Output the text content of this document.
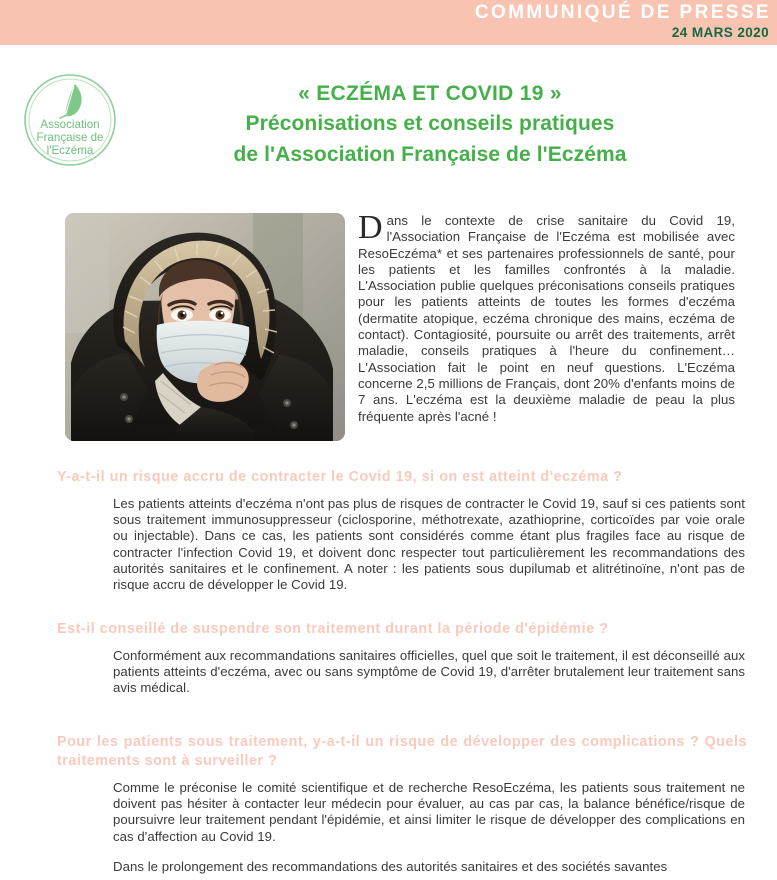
COMMUNIQUÉ DE PRESSE
24 MARS 2020
Association
Française de
l'Eczéma
« ECZÉMA ET COVID 19 »
Préconisations et conseils pratiques
de l'Association Française de l'Eczéma
Dans le contexte de crise sanitaire du Covid 19, l'Association Française de l'Eczéma est mobilisée avec ResoEczéma* et ses partenaires professionnels de santé, pour les patients et les familles confrontés à la maladie. L'Association publie quelques préconisations conseils pratiques pour les patients atteints de toutes les formes d'eczéma (dermatite atopique, eczéma chronique des mains, eczéma de contact). Contagiosité, poursuite ou arrêt des traitements, arrêt maladie, conseils pratiques à l'heure du confinement… L'Association fait le point en neuf questions. L'Eczéma concerne 2,5 millions de Français, dont 20% d'enfants moins de 7 ans. L'eczéma est la deuxième maladie de peau la plus fréquente après l'acné !
Y-a-t-il un risque accru de contracter le Covid 19, si on est atteint d'eczéma ?
Les patients atteints d'eczéma n'ont pas plus de risques de contracter le Covid 19, sauf si ces patients sont sous traitement immunosuppresseur (ciclosporine, méthotrexate, azathioprine, corticoïdes par voie orale ou injectable). Dans ce cas, les patients sont considérés comme étant plus fragiles face au risque de contracter l'infection Covid 19, et doivent donc respecter tout particulièrement les recommandations des autorités sanitaires et le confinement. A noter : les patients sous dupilumab et alitrétinoïne, n'ont pas de risque accru de développer le Covid 19.
Est-il conseillé de suspendre son traitement durant la période d'épidémie ?
Conformément aux recommandations sanitaires officielles, quel que soit le traitement, il est déconseillé aux patients atteints d'eczéma, avec ou sans symptôme de Covid 19, d'arrêter brutalement leur traitement sans avis médical.
Pour les patients sous traitement, y-a-t-il un risque de développer des complications ? Quels traitements sont à surveiller ?
Comme le préconise le comité scientifique et de recherche ResoEczéma, les patients sous traitement ne doivent pas hésiter à contacter leur médecin pour évaluer, au cas par cas, la balance bénéfice/risque de poursuivre leur traitement pendant l'épidémie, et ainsi limiter le risque de développer des complications en cas d'affection au Covid 19.
Dans le prolongement des recommandations des autorités sanitaires et des sociétés savantes
